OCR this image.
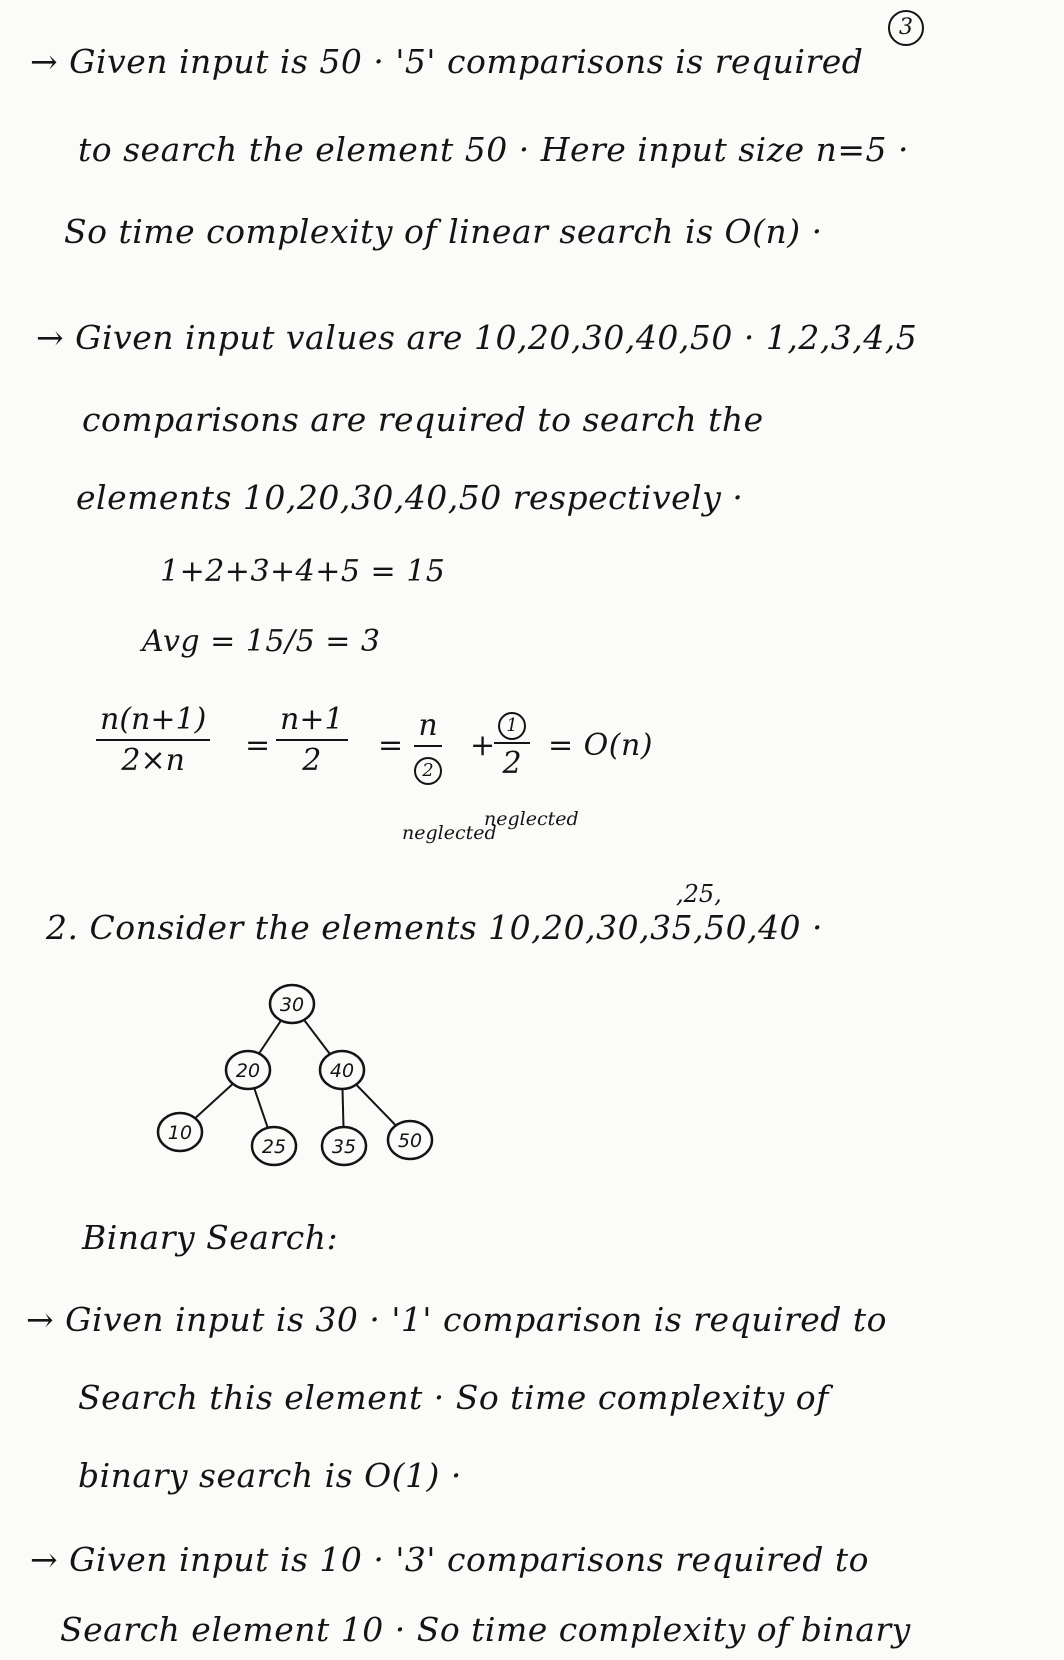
3
→ Given input is 50 · '5' comparisons is required
to search the element 50 · Here input size n=5 ·
So time complexity of linear search is O(n) ·
→ Given input values are 10,20,30,40,50 · 1,2,3,4,5
comparisons are required to search the
elements 10,20,30,40,50 respectively ·
1+2+3+4+5 = 15
Avg = 15/5 = 3
$\frac{n(n+1)}{2\times n} = \frac{n+1}{2} = \frac{n}{2}$ +
$\frac{1}{2} = O(n)$
neglected
neglected
,25,
2. Consider the elements 10,20,30,35,50,40 ·
30
20	40
10
25 35 50
Binary Search:
→ Given input is 30 · '1' comparison is required to
Search this element · So time complexity of
binary search is O(1) ·
→ Given input is 10 · '3' comparisons required to
Search element 10 · So time complexity of binary
